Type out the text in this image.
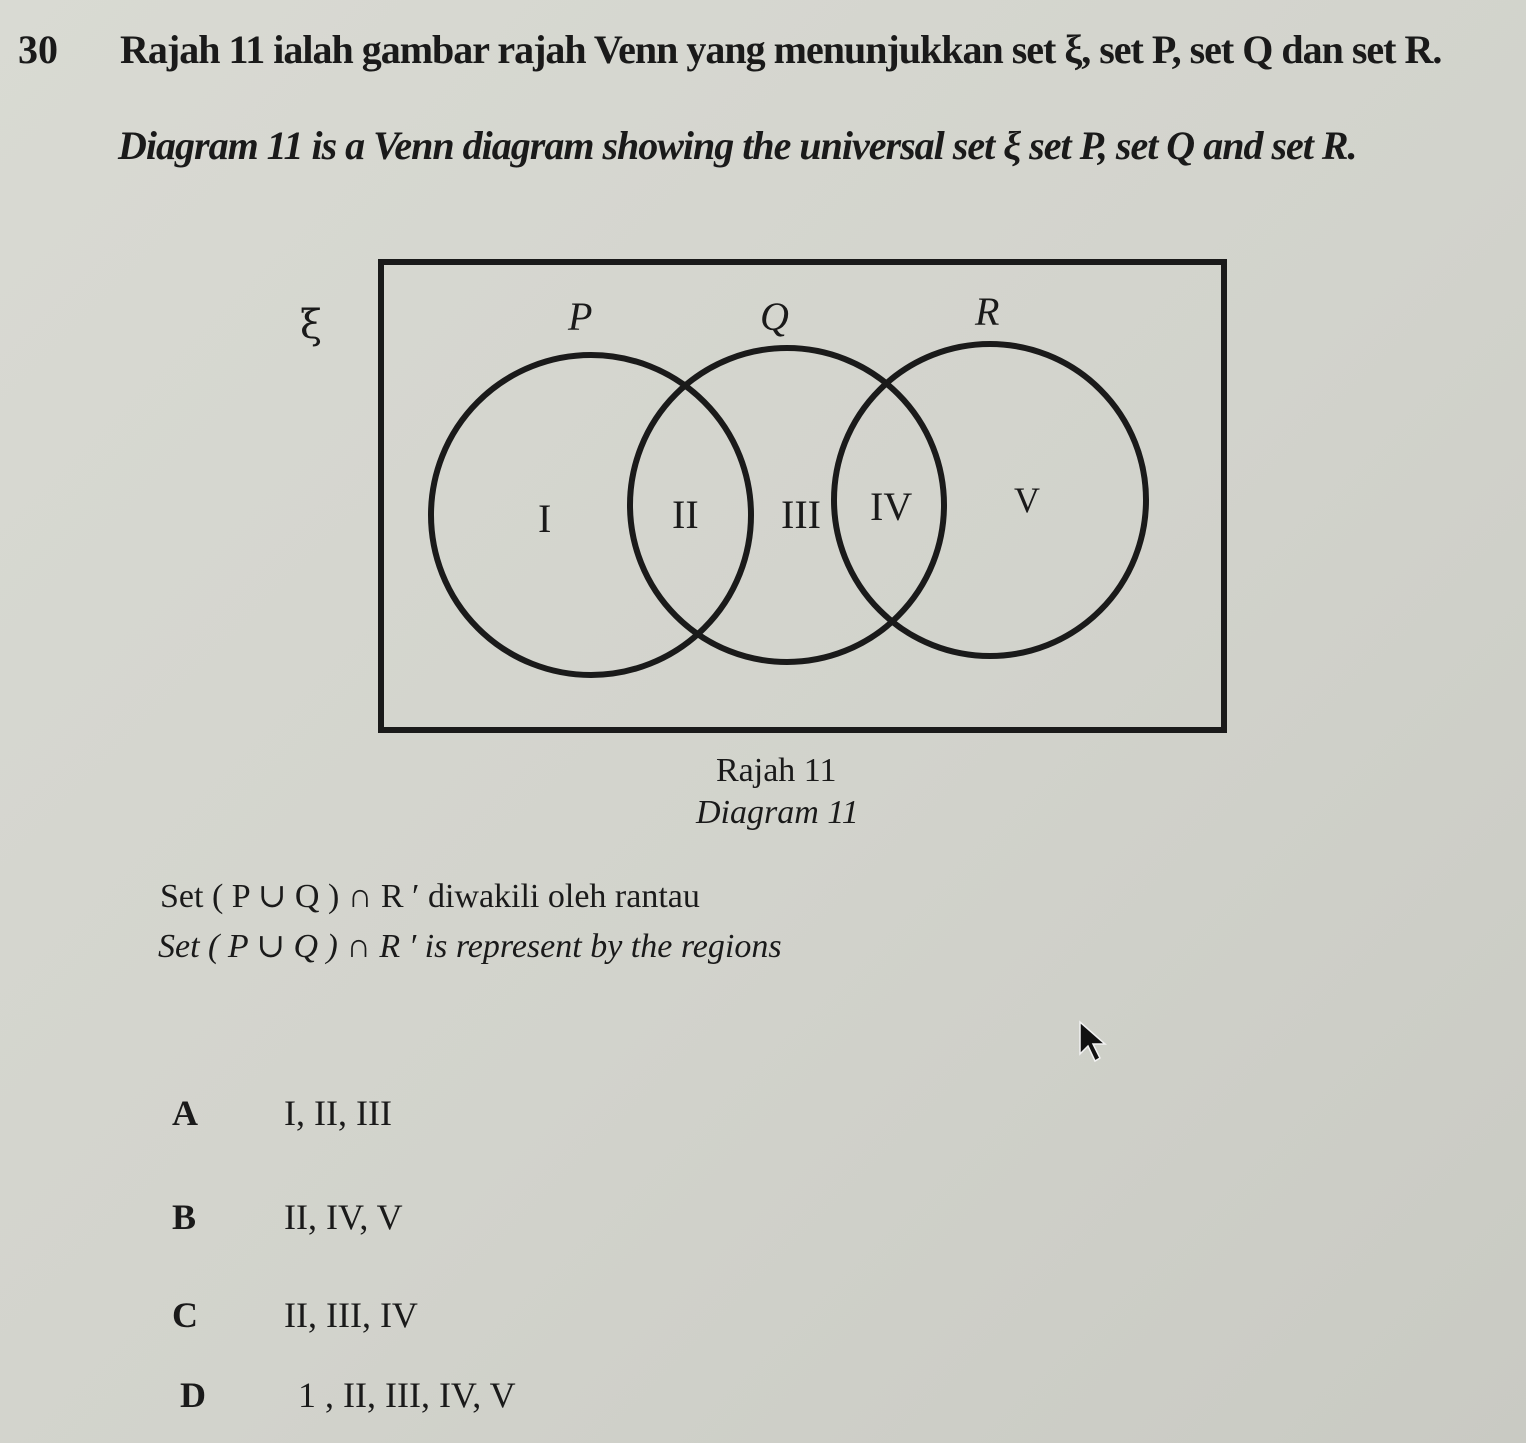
30 Rajah 11 ialah gambar rajah Venn yang menunjukkan set ξ, set P, set Q dan set R.
Diagram 11 is a Venn diagram showing the universal set ξ set P, set Q and set R.
ξ	P	Q	R
I	II III IV	V
Rajah 11
Diagram 11
Set ( P ∪ Q ) ∩ R ′ diwakili oleh rantau
Set ( P ∪ Q ) ∩ R ′ is represent by the regions
A I, II, III
B II, IV, V
C II, III, IV
D	1 , II, III, IV, V
